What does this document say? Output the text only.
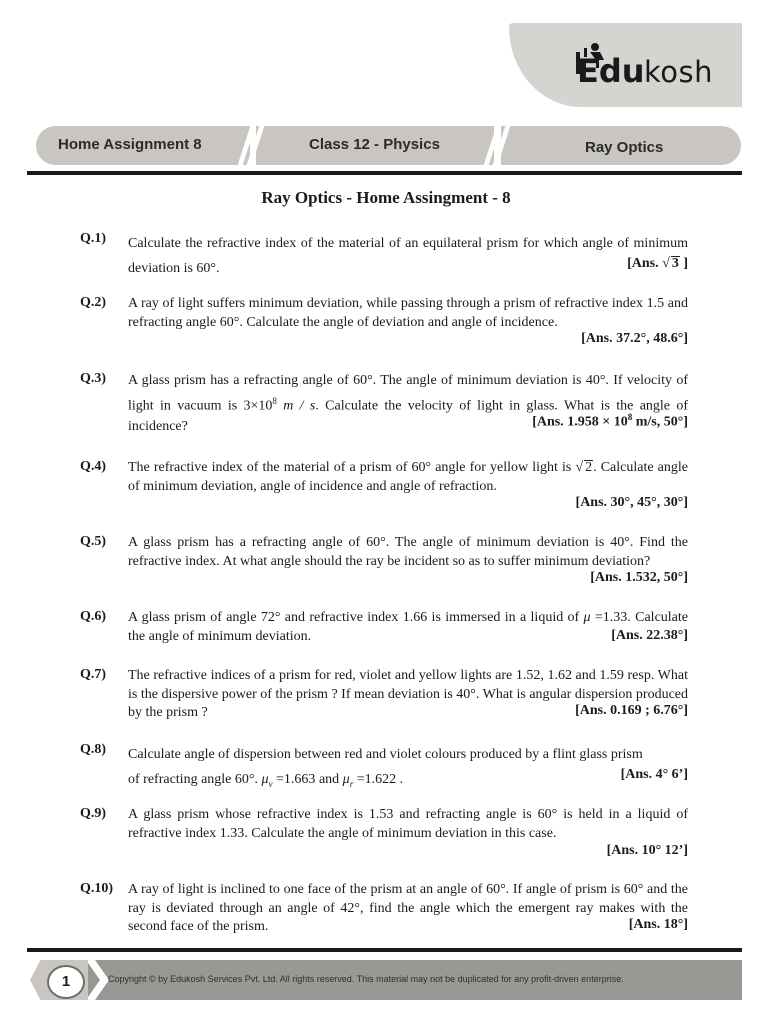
kosh
Edu
Home Assignment 8	Class 12 - Physics	Ray Optics
Ray Optics - Home Assingment - 8
Q.1) Calculate the refractive index of the material of an equilateral prism for which angle of minimum deviation is 60°.	[Ans. √ 3 ]
Q.2) A ray of light suffers minimum deviation, while passing through a prism of refractive index 1.5 and refracting angle 60°. Calculate the angle of deviation and angle of incidence.
[Ans. 37.2°, 48.6°]
Q.3) A glass prism has a refracting angle of 60°. The angle of minimum deviation is 40°. If velocity of light in vacuum is $3\times 10^8$ m / s. Calculate the velocity of light in glass. What is the angle of incidence?	[Ans. $1.958 \times 10^8$ m/s, 50°]
Q.4) The refractive index of the material of a prism of 60° angle for yellow light is √ 2. Calculate angle of minimum deviation, angle of incidence and angle of refraction.
[Ans. 30°, 45°, 30°]
Q.5) A glass prism has a refracting angle of 60°. The angle of minimum deviation is 40°. Find the refractive index. At what angle should the ray be incident so as to suffer minimum deviation?
[Ans. 1.532, 50°]
Q.6) A glass prism of angle 72° and refractive index 1.66 is immersed in a liquid of μ =1.33. Calculate the angle of minimum deviation.	[Ans. 22.38°]
Q.7) The refractive indices of a prism for red, violet and yellow lights are 1.52, 1.62 and 1.59 resp. What is the dispersive power of the prism ? If mean deviation is 40°. What is angular dispersion produced by the prism ?	[Ans. 0.169 ; 6.76°]
Q.8) Calculate angle of dispersion between red and violet colours produced by a flint glass prism
of refracting angle 60°. $\mu_v =1.663$ and $\mu_r =1.622$ .	[Ans. 4° 6’]
Q.9) A glass prism whose refractive index is 1.53 and refracting angle is 60° is held in a liquid of refractive index 1.33. Calculate the angle of minimum deviation in this case.
[Ans. 10° 12’]
Q.10) A ray of light is inclined to one face of the prism at an angle of 60°. If angle of prism is 60° and the ray is deviated through an angle of 42°, find the angle which the emergent ray makes with the second face of the prism.	[Ans. 18°]
1	Copyright © by Edukosh Services Pvt. Ltd. All rights reserved. This material may not be duplicated for any profit-driven enterprise.
